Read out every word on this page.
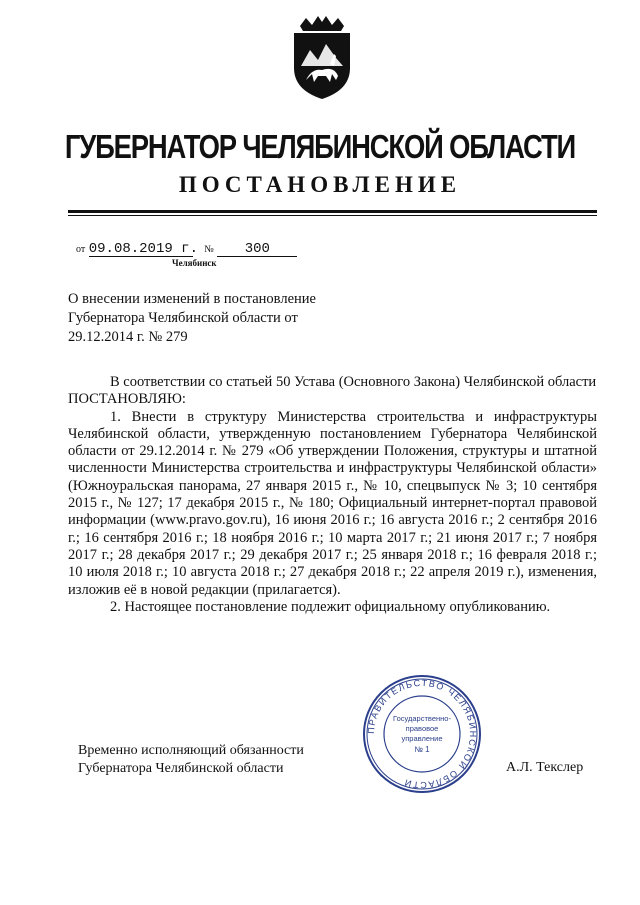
ГУБЕРНАТОР ЧЕЛЯБИНСКОЙ ОБЛАСТИ
ПОСТАНОВЛЕНИЕ
от 09.08.2019 г. № 300
Челябинск
О внесении изменений в постановление Губернатора Челябинской области от 29.12.2014 г. № 279

В соответствии со статьей 50 Устава (Основного Закона) Челябинской области

ПОСТАНОВЛЯЮ:

1. Внести в структуру Министерства строительства и инфраструктуры Челябинской области, утвержденную постановлением Губернатора Челябинской области от 29.12.2014 г. № 279 «Об утверждении Положения, структуры и штатной численности Министерства строительства и инфраструктуры Челябинской области» (Южноуральская панорама, 27 января 2015 г., № 10, спецвыпуск № 3; 10 сентября 2015 г., № 127; 17 декабря 2015 г., № 180; Официальный интернет-портал правовой информации (www.pravo.gov.ru), 16 июня 2016 г.; 16 августа 2016 г.; 2 сентября 2016 г.; 16 сентября 2016 г.; 18 ноября 2016 г.; 10 марта 2017 г.; 21 июня 2017 г.; 7 ноября 2017 г.; 28 декабря 2017 г.; 29 декабря 2017 г.; 25 января 2018 г.; 16 февраля 2018 г.; 10 июля 2018 г.; 10 августа 2018 г.; 27 декабря 2018 г.; 22 апреля 2019 г.), изменения, изложив её в новой редакции (прилагается).

2. Настоящее постановление подлежит официальному опубликованию.

Временно исполняющий обязанности
Губернатора Челябинской области	А.Л. Текслер
ПРАВИТЕЛЬСТВО ЧЕЛЯБИНСКОЙ ОБЛАСТИ
Государственно-
правовое
управление
№ 1
